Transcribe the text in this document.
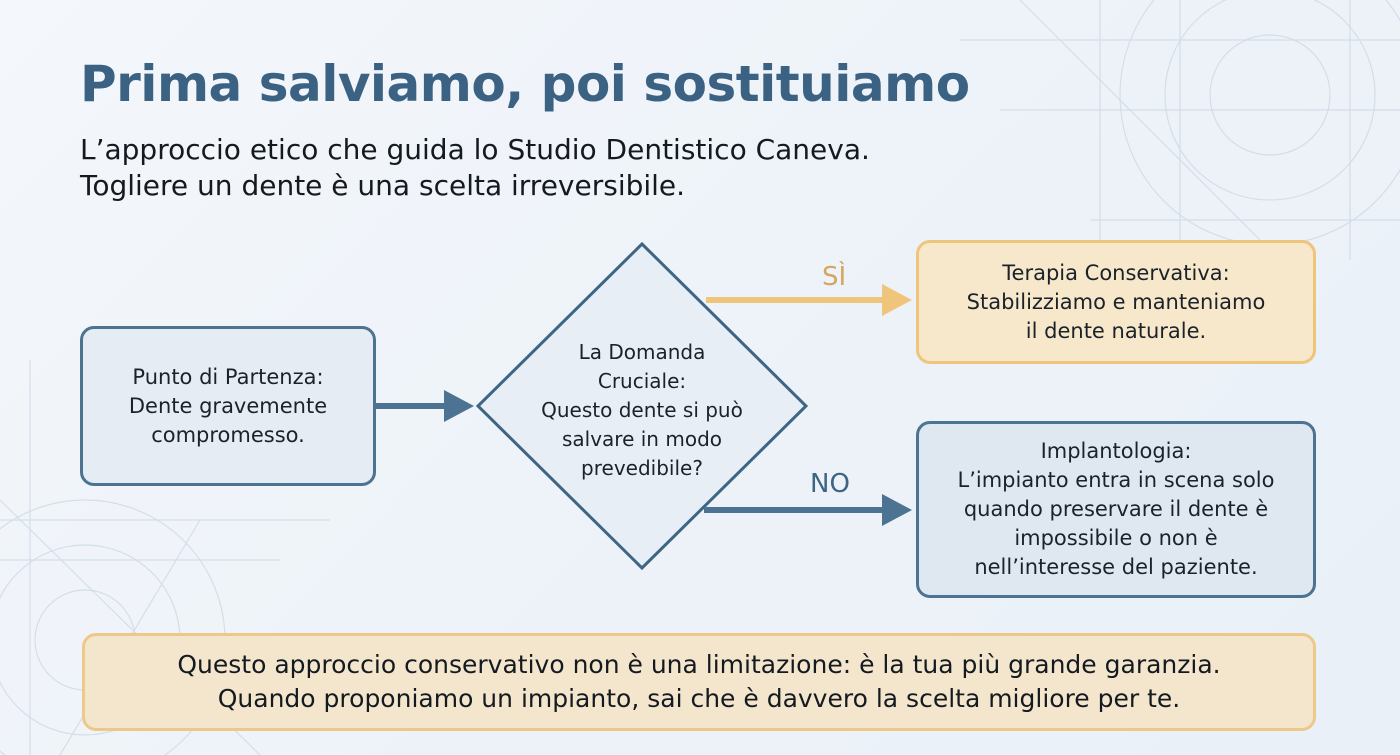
Prima salviamo, poi sostituiamo
L’approccio etico che guida lo Studio Dentistico Caneva.
Togliere un dente è una scelta irreversibile.
La Domanda
Cruciale:
Questo dente si può
salvare in modo
prevedibile?
SÌ
NO
Punto di Partenza:
Dente gravemente
compromesso.
Terapia Conservativa:
Stabilizziamo e manteniamo
il dente naturale.
Implantologia:
L’impianto entra in scena solo
quando preservare il dente è
impossibile o non è
nell’interesse del paziente.
Questo approccio conservativo non è una limitazione: è la tua più grande garanzia.
Quando proponiamo un impianto, sai che è davvero la scelta migliore per te.
